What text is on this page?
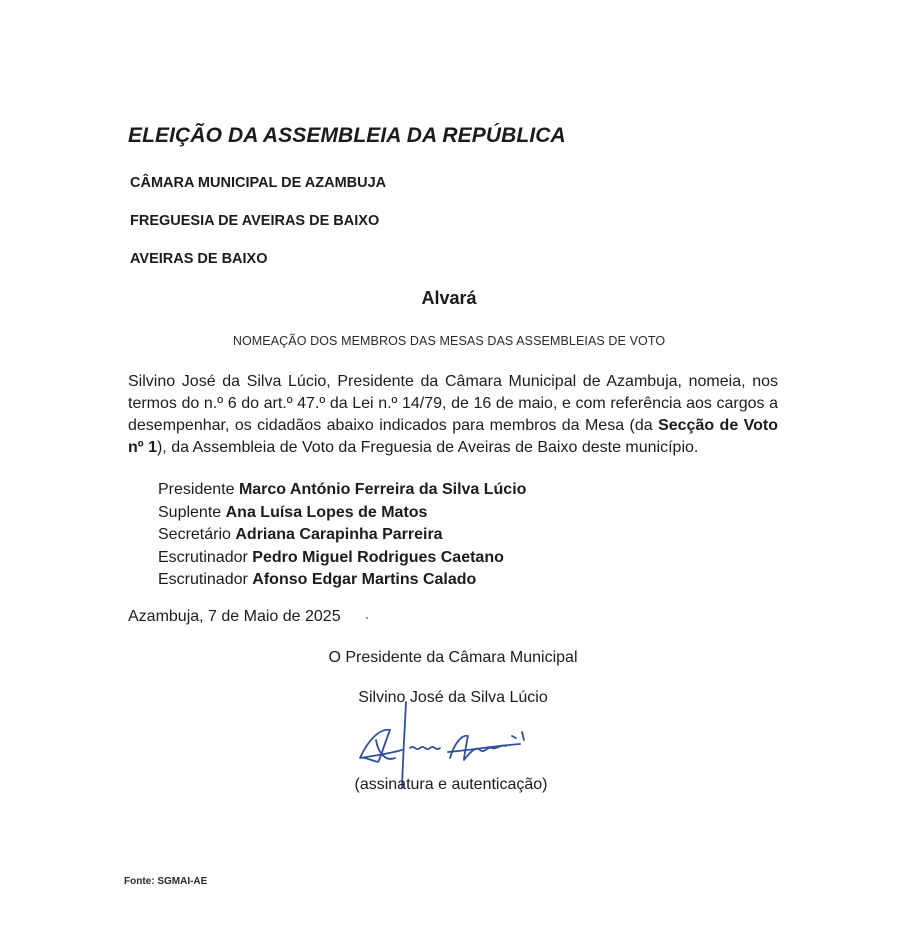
ELEIÇÃO DA ASSEMBLEIA DA REPÚBLICA
CÂMARA MUNICIPAL DE AZAMBUJA
FREGUESIA DE AVEIRAS DE BAIXO
AVEIRAS DE BAIXO
Alvará
NOMEAÇÃO DOS MEMBROS DAS MESAS DAS ASSEMBLEIAS DE VOTO
Silvino José da Silva Lúcio, Presidente da Câmara Municipal de Azambuja, nomeia, nos termos do n.º 6 do art.º 47.º da Lei n.º 14/79, de 16 de maio, e com referência aos cargos a desempenhar, os cidadãos abaixo indicados para membros da Mesa (da Secção de Voto nº 1), da Assembleia de Voto da Freguesia de Aveiras de Baixo deste município.
Presidente Marco António Ferreira da Silva Lúcio
Suplente Ana Luísa Lopes de Matos
Secretário Adriana Carapinha Parreira
Escrutinador Pedro Miguel Rodrigues Caetano
Escrutinador Afonso Edgar Martins Calado
Azambuja, 7 de Maio de 2025
O Presidente da Câmara Municipal
Silvino José da Silva Lúcio
(assinatura e autenticação)
Fonte: SGMAI-AE
